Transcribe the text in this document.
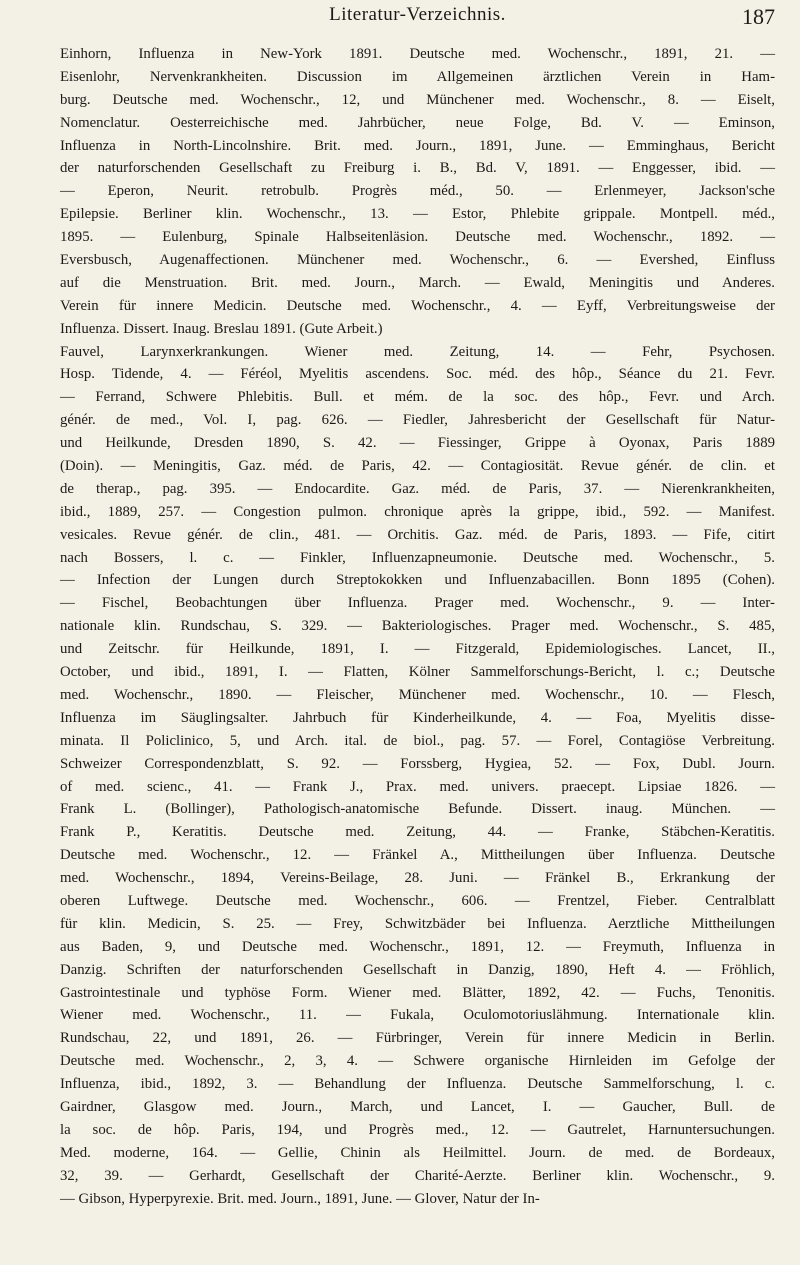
Literatur-Verzeichnis.	187
Einhorn, Influenza in New-York 1891. Deutsche med. Wochenschr., 1891, 21. —
Eisenlohr, Nervenkrankheiten. Discussion im Allgemeinen ärztlichen Verein in Ham-
burg. Deutsche med. Wochenschr., 12, und Münchener med. Wochenschr., 8. — Eiselt,
Nomenclatur. Oesterreichische med. Jahrbücher, neue Folge, Bd. V. — Eminson,
Influenza in North-Lincolnshire. Brit. med. Journ., 1891, June. — Emminghaus, Bericht
der naturforschenden Gesellschaft zu Freiburg i. B., Bd. V, 1891. — Enggesser, ibid. —
— Eperon, Neurit. retrobulb. Progrès méd., 50. — Erlenmeyer, Jackson'sche
Epilepsie. Berliner klin. Wochenschr., 13. — Estor, Phlebite grippale. Montpell. méd.,
1895. — Eulenburg, Spinale Halbseitenläsion. Deutsche med. Wochenschr., 1892. —
Eversbusch, Augenaffectionen. Münchener med. Wochenschr., 6. — Evershed, Einfluss
auf die Menstruation. Brit. med. Journ., March. — Ewald, Meningitis und Anderes.
Verein für innere Medicin. Deutsche med. Wochenschr., 4. — Eyff, Verbreitungsweise der
Influenza. Dissert. Inaug. Breslau 1891. (Gute Arbeit.)
Fauvel, Larynxerkrankungen. Wiener med. Zeitung, 14. — Fehr, Psychosen.
Hosp. Tidende, 4. — Féréol, Myelitis ascendens. Soc. méd. des hôp., Séance du 21. Fevr.
— Ferrand, Schwere Phlebitis. Bull. et mém. de la soc. des hôp., Fevr. und Arch.
génér. de med., Vol. I, pag. 626. — Fiedler, Jahresbericht der Gesellschaft für Natur-
und Heilkunde, Dresden 1890, S. 42. — Fiessinger, Grippe à Oyonax, Paris 1889
(Doin). — Meningitis, Gaz. méd. de Paris, 42. — Contagiosität. Revue génér. de clin. et
de therap., pag. 395. — Endocardite. Gaz. méd. de Paris, 37. — Nierenkrankheiten,
ibid., 1889, 257. — Congestion pulmon. chronique après la grippe, ibid., 592. — Manifest.
vesicales. Revue génér. de clin., 481. — Orchitis. Gaz. méd. de Paris, 1893. — Fife, citirt
nach Bossers, l. c. — Finkler, Influenzapneumonie. Deutsche med. Wochenschr., 5.
— Infection der Lungen durch Streptokokken und Influenzabacillen. Bonn 1895 (Cohen).
— Fischel, Beobachtungen über Influenza. Prager med. Wochenschr., 9. — Inter-
nationale klin. Rundschau, S. 329. — Bakteriologisches. Prager med. Wochenschr., S. 485,
und Zeitschr. für Heilkunde, 1891, I. — Fitzgerald, Epidemiologisches. Lancet, II.,
October, und ibid., 1891, I. — Flatten, Kölner Sammelforschungs-Bericht, l. c.; Deutsche
med. Wochenschr., 1890. — Fleischer, Münchener med. Wochenschr., 10. — Flesch,
Influenza im Säuglingsalter. Jahrbuch für Kinderheilkunde, 4. — Foa, Myelitis disse-
minata. Il Policlinico, 5, und Arch. ital. de biol., pag. 57. — Forel, Contagiöse Verbreitung.
Schweizer Correspondenzblatt, S. 92. — Forssberg, Hygiea, 52. — Fox, Dubl. Journ.
of med. scienc., 41. — Frank J., Prax. med. univers. praecept. Lipsiae 1826. —
Frank L. (Bollinger), Pathologisch-anatomische Befunde. Dissert. inaug. München. —
Frank P., Keratitis. Deutsche med. Zeitung, 44. — Franke, Stäbchen-Keratitis.
Deutsche med. Wochenschr., 12. — Fränkel A., Mittheilungen über Influenza. Deutsche
med. Wochenschr., 1894, Vereins-Beilage, 28. Juni. — Fränkel B., Erkrankung der
oberen Luftwege. Deutsche med. Wochenschr., 606. — Frentzel, Fieber. Centralblatt
für klin. Medicin, S. 25. — Frey, Schwitzbäder bei Influenza. Aerztliche Mittheilungen
aus Baden, 9, und Deutsche med. Wochenschr., 1891, 12. — Freymuth, Influenza in
Danzig. Schriften der naturforschenden Gesellschaft in Danzig, 1890, Heft 4. — Fröhlich,
Gastrointestinale und typhöse Form. Wiener med. Blätter, 1892, 42. — Fuchs, Tenonitis.
Wiener med. Wochenschr., 11. — Fukala, Oculomotoriuslähmung. Internationale klin.
Rundschau, 22, und 1891, 26. — Fürbringer, Verein für innere Medicin in Berlin.
Deutsche med. Wochenschr., 2, 3, 4. — Schwere organische Hirnleiden im Gefolge der
Influenza, ibid., 1892, 3. — Behandlung der Influenza. Deutsche Sammelforschung, l. c.
Gairdner, Glasgow med. Journ., March, und Lancet, I. — Gaucher, Bull. de
la soc. de hôp. Paris, 194, und Progrès med., 12. — Gautrelet, Harnuntersuchungen.
Med. moderne, 164. — Gellie, Chinin als Heilmittel. Journ. de med. de Bordeaux,
32, 39. — Gerhardt, Gesellschaft der Charité-Aerzte. Berliner klin. Wochenschr., 9.
— Gibson, Hyperpyrexie. Brit. med. Journ., 1891, June. — Glover, Natur der In-
